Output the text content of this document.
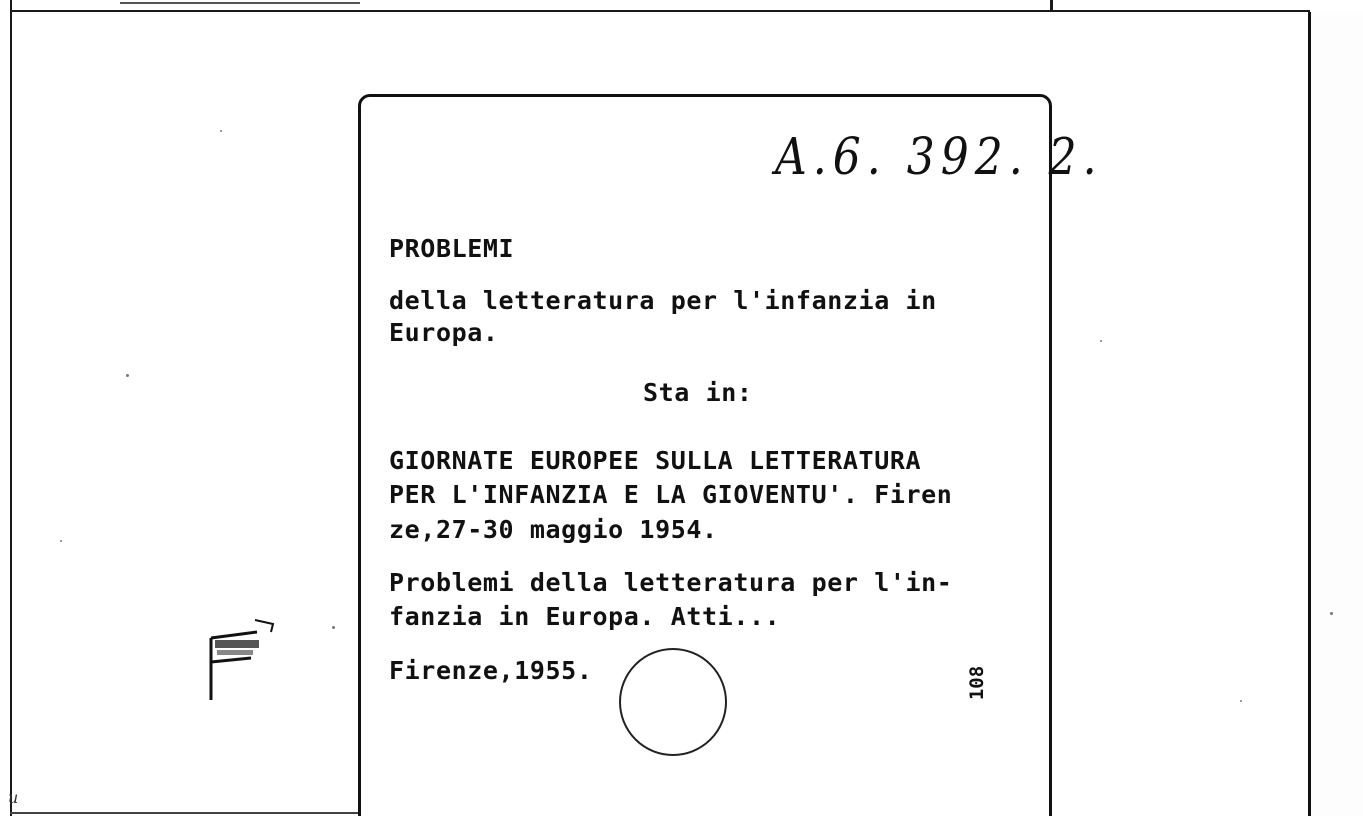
A.6. 392. 2.
PROBLEMI
della letteratura per l'infanzia in
Europa.
Sta in:
GIORNATE EUROPEE SULLA LETTERATURA
PER L'INFANZIA E LA GIOVENTU'. Firen
ze,27-30 maggio 1954.
Problemi della letteratura per l'in-
fanzia in Europa. Atti...
Firenze,1955.	108
u
